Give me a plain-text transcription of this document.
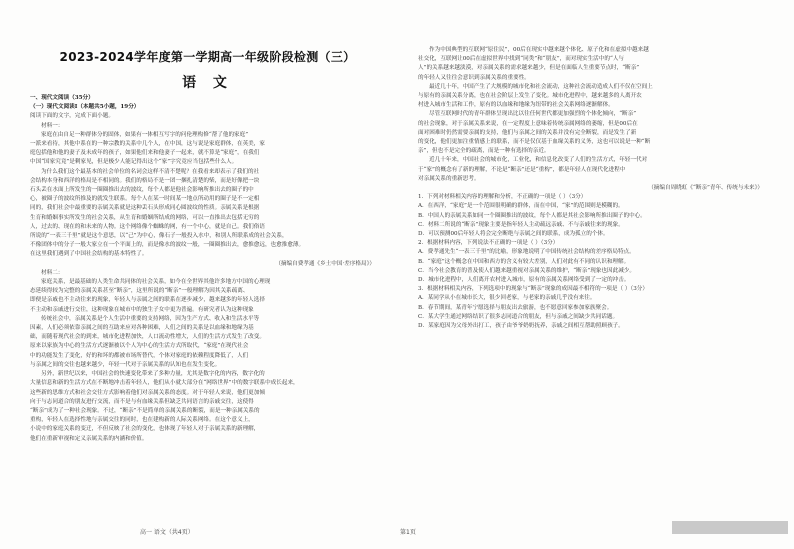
2023-2024学年度第一学期高一年级阶段检测（三）
语 文
一、现代文阅读（35分）
（一）现代文阅读I（本题共5小题，19分）
阅读下面的文字，完成下面小题。
材料一：
家庭在由自足一种群体分的固体，如果有一体相互写字的问伦理构修“帮了他的家庭”
一派来看待，其他中系在的一种宗教的关系中几个人，在中国，这与说是家庭群体，在英美，家
庭包括他和他的妻子及未成年的孩子，如果他们来和他妻子一起来，就不算是“家庭”，在我们
中国“国家究竟”是剩家见，但是极少人能记得出这个“家”字究竟应当包括些什么人。
为什么我们这个最基本的社会单位的名词会这样不清不楚呢？在我看来却表示了我们的社
会结构本身和西洋的格局是不相同的。我们的格局不是一团一捆扎清楚的柴，而是好像把一块
石头丢在水面上所发生的一圈圈推出去的波纹，每个人都是他社会影响所推出去的圈子的中
心，被圈子的波纹所推及的就发生联系。每个人在某一时间某一地点所动用的圈子是不一定相
同的，我们社会中最重要的亲属关系就是这种丢石头形成同心圆波纹的性质。亲属关系是根据
生育和婚姻事实所发生的社会关系，从生育和婚姻所结成的网络，可以一直推出去包括无穷的
人，过去的、现在的和未来的人物。这个网络像个蜘蛛的网，有一个中心，就是自己。我们俗语
所说的“一表三千里”就是这个意思，以“己”为中心，像石子一般投入水中，和别人所联系成的社会关系，
不像团体中的分子一般大家立在一个平面上的，而是像水的波纹一般，一圈圈推出去，愈推愈远，也愈推愈薄。
在这里我们遇到了中国社会结构的基本特性了。
（摘编自费孝通《乡土中国·差序格局》）
材料二：
家庭关系，是最基础的人类生命共同体的社会关系，如今在全世界其他许多地方中国的心理现
态延续得较为完整的亲属关系甚至“断亲”，这里所说的“断亲”一般理解为因其关系疏离、
即便是亲戚也不主动往来的现象，年轻人与亲属之间的联系在逐步减少，越来越多的年轻人选择
不主动和亲戚进行交往，这种现象在城市中的独生子女中更为普遍。有研究者认为这种现象
传统社会中，亲属关系是个人生活中重要的支持网络，因为生产方式、收入和生活水平等
因素，人们必须依靠亲属之间的互助来应对各种困难，人们之间的关系是以血缘和地缘为基
础，而随着现代社会的到来，城市化进程加快，人口流动性增大，人们的生活方式发生了改变。
原来以家族为中心的生活方式逐渐被以个人为中心的生活方式所取代，“家庭”在现代社会
中的功能发生了变化，好的和坏的都被市场所替代，个体对家庭的依赖程度降低了，人们
与亲属之间的交往也越来越少，年轻一代对于亲属关系的认知也在发生变化。
另外，新世纪以来，中国社会的快速变化带来了多种力量，尤其是数字化的内容，数字化的
大量信息和新的生活方式在不断地冲击着年轻人，他们从小就大部分在“网络世界”中的数字联系中成长起来，
这些新的思维方式和社会交往方式影响着他们对亲属关系的态度。对于年轻人来说，他们更加倾
向于与志同道合的朋友进行交流，而不是与有血缘关系但缺乏共同语言的亲戚交往，这使得
“断亲”成为了一种社会现象。不过，“断亲”不是简单的亲属关系的断裂，而是一种亲属关系的
重构，年轻人在选择性地与亲属交往的同时，也在建构新的人际关系网络。在这个意义上，
小说中的家庭关系的变迁，不但反映了社会的变化，也体现了年轻人对于亲属关系的新理解，
他们在重新审视和定义亲属关系的内涵和价值。
作为中国典型的互联网“原住民”，00后在现实中越来越个体化、原子化和在虚拟中越来越
社交化，互联网让00后在虚拟世界中找到“同类”和“朋友”，而对现实生活中的“人与
人”的关系越来越淡漠，对亲属关系的需求越来越少，但是在面临人生重要节点时，“断亲”
的年轻人又往往会意识到亲属关系的重要性。
最近几十年，中国产生了大规模的城市化和社会流动，这种社会流动造成人们不仅在空间上
与原有的亲属关系分离，也在社会阶层上发生了变化。城市化进程中，越来越多的人离开农
村进入城市生活和工作，原有的以血缘和地缘为纽带的社会关系网络逐渐解体。
尽管互联网时代的青年群体呈现出比以往任何世代都更加强烈的个体化倾向，“断亲”
的社会现象，对于亲属关系来说，在一定程度上意味着传统亲属网络的萎缩，但是00后在
面对困难时仍然需要亲属的支持，他们与亲属之间的关系并没有完全断裂，而是发生了新
的变化，他们更加注重情感上的联系，而不是仅仅基于血缘关系的义务，这也可以说是一种“断
亲”，但也不是完全的疏离，而是一种有选择的亲近。
近几十年来，中国社会的城市化，工业化，和信息化改变了人们的生活方式，年轻一代对
于“家”的概念有了新的理解，不论是“断亲”还是“重构”，都是年轻人在现代化进程中
对亲属关系的重新思考。
（摘编自周晓虹《“断亲”青年、传统与未来》）
1．下列对材料相关内容的理解和分析，不正确的一项是（ ）（3分）
A．在西洋，“家庭”是一个范围很明确的群体，而在中国，“家”的范围则是模糊的。
B．中国人的亲属关系如同一个圈圈推出的波纹，每个人都是其社会影响所推出圈子的中心。
C．材料二所说的“断亲”现象主要是指年轻人主动疏远亲戚、不与亲戚往来的现象。
D．可以预测00后年轻人将会完全断绝与亲属之间的联系，成为孤立的个体。
2．根据材料内容，下列说法不正确的一项是（ ）（3分）
A．费孝通先生“一表三千里”的比喻，形象地说明了中国传统社会结构的差序格局特点。
B．“家庭”这个概念在中国和西方的含义有较大差别，人们对此有不同的认识和理解。
C．当今社会教育的普及使人们越来越重视对亲属关系的维护，“断亲”现象也因此减少。
D．城市化进程中，人们离开农村进入城市，原有的亲属关系网络受到了一定的冲击。
3．根据材料相关内容，下列选项中的现象与“断亲”现象的成因最不相符的一项是（ ）（3分）
A．某同学从小在城市长大，很少回老家，与老家的亲戚几乎没有来往。
B．春节期间，某青年宁愿选择与朋友出去旅游，也不愿意回家参加家族聚会。
C．某大学生通过网络结识了很多志同道合的朋友，但与亲戚之间缺少共同话题。
D．某家庭因为父母外出打工，孩子由爷爷奶奶抚养，亲戚之间相互帮助照顾孩子。
高一 语文（共4页）	第1页
